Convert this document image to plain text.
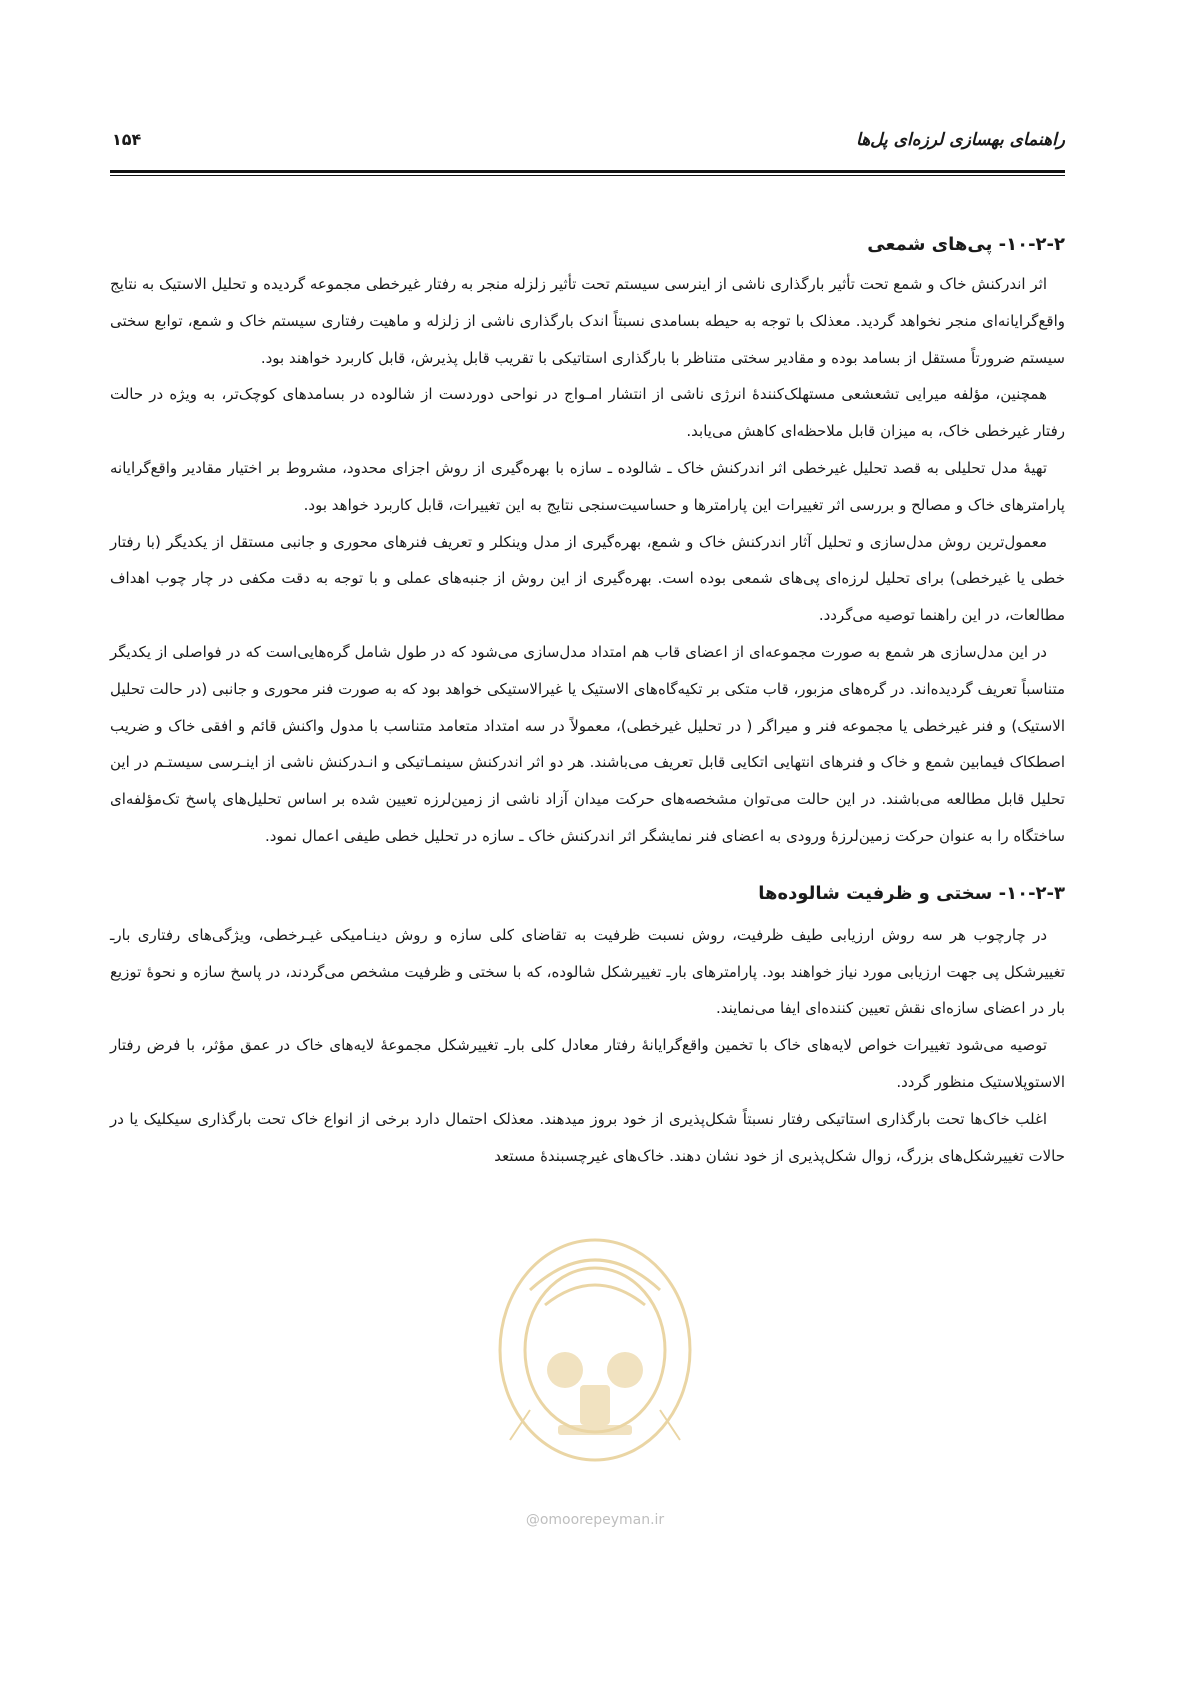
راهنمای بهسازی لرزه‌ای پل‌ها
۱۵۴
۱۰-۲-۲- پی‌های شمعی

اثر اندرکنش خاک و شمع تحت تأثیر بارگذاری ناشی از اینرسی سیستم تحت تأثیر زلزله منجر به رفتار غیرخطی مجموعه گردیده و تحلیل الاستیک به نتایج واقع‌گرایانه‌ای منجر نخواهد گردید. معذلک با توجه به حیطه بسامدی نسبتاً اندک بارگذاری ناشی از زلزله و ماهیت رفتاری سیستم خاک و شمع، توابع سختی سیستم ضرورتاً مستقل از بسامد بوده و مقادیر سختی متناظر با بارگذاری استاتیکی با تقریب قابل پذیرش، قابل کاربرد خواهند بود.

همچنین، مؤلفه میرایی تشعشعی مستهلک‌کنندهٔ انرژی ناشی از انتشار امـواج در نواحی دوردست از شالوده در بسامدهای کوچک‌تر، به ویژه در حالت رفتار غیرخطی خاک، به میزان قابل ملاحظه‌ای کاهش می‌یابد.

تهیهٔ مدل تحلیلی به قصد تحلیل غیرخطی اثر اندرکنش خاک ـ شالوده ـ سازه با بهره‌گیری از روش اجزای محدود، مشروط بر اختیار مقادیر واقع‌گرایانه پارامترهای خاک و مصالح و بررسی اثر تغییرات این پارامترها و حساسیت‌سنجی نتایج به این تغییرات، قابل کاربرد خواهد بود.

معمول‌ترین روش مدل‌سازی و تحلیل آثار اندرکنش خاک و شمع، بهره‌گیری از مدل وینکلر و تعریف فنرهای محوری و جانبی مستقل از یکدیگر (با رفتار خطی یا غیرخطی) برای تحلیل لرزه‌ای پی‌های شمعی بوده است. بهره‌گیری از این روش از جنبه‌های عملی و با توجه به دقت مکفی در چار چوب اهداف مطالعات، در این راهنما توصیه می‌گردد.

در این مدل‌سازی هر شمع به صورت مجموعه‌ای از اعضای قاب هم امتداد مدل‌سازی می‌شود که در طول شامل گره‌هایی‌است که در فواصلی از یکدیگر متناسباً تعریف گردیده‌اند. در گره‌های مزبور، قاب متکی بر تکیه‌گاه‌های الاستیک یا غیرالاستیکی خواهد بود که به صورت فنر محوری و جانبی (در حالت تحلیل الاستیک) و فنر غیرخطی یا مجموعه فنر و میراگر ( در تحلیل غیرخطی)، معمولاً در سه امتداد متعامد متناسب با مدول واکنش قائم و افقی خاک و ضریب اصطکاک فیمابین شمع و خاک و فنرهای انتهایی اتکایی قابل تعریف می‌باشند. هر دو اثر اندرکنش سینمـاتیکی و انـدرکنش ناشی از اینـرسی سیستـم در این تحلیل قابل مطالعه می‌باشند. در این حالت می‌توان مشخصه‌های حرکت میدان آزاد ناشی از زمین‌لرزه تعیین شده بر اساس تحلیل‌های پاسخ تک‌مؤلفه‌ای ساختگاه را به عنوان حرکت زمین‌لرزهٔ ورودی به اعضای فنر نمایشگر اثر اندرکنش خاک ـ سازه در تحلیل خطی طیفی اعمال نمود.

۱۰-۲-۳- سختی و ظرفیت شالوده‌ها

در چارچوب هر سه روش ارزیابی طیف ظرفیت، روش نسبت ظرفیت به تقاضای کلی سازه و روش دینـامیکی غیـرخطی، ویژگی‌های رفتاری بارـ تغییرشکل پی جهت ارزیابی مورد نیاز خواهند بود. پارامترهای بارـ تغییرشکل شالوده، که با سختی و ظرفیت مشخص می‌گردند، در پاسخ سازه و نحوهٔ توزیع بار در اعضای سازه‌ای نقش تعیین کننده‌ای ایفا می‌نمایند.

توصیه می‌شود تغییرات خواص لایه‌های خاک با تخمین واقع‌گرایانهٔ رفتار معادل کلی بارـ تغییرشکل مجموعهٔ لایه‌های خاک در عمق مؤثر، با فرض رفتار الاستوپلاستیک منظور گردد.

اغلب خاک‌ها تحت بارگذاری استاتیکی رفتار نسبتاً شکل‌پذیری از خود بروز میدهند. معذلک احتمال دارد برخی از انواع خاک تحت بارگذاری سیکلیک یا در حالات تغییرشکل‌های بزرگ، زوال شکل‌پذیری از خود نشان دهند. خاک‌های غیرچسبندهٔ مستعد

@omoorepeyman.ir
